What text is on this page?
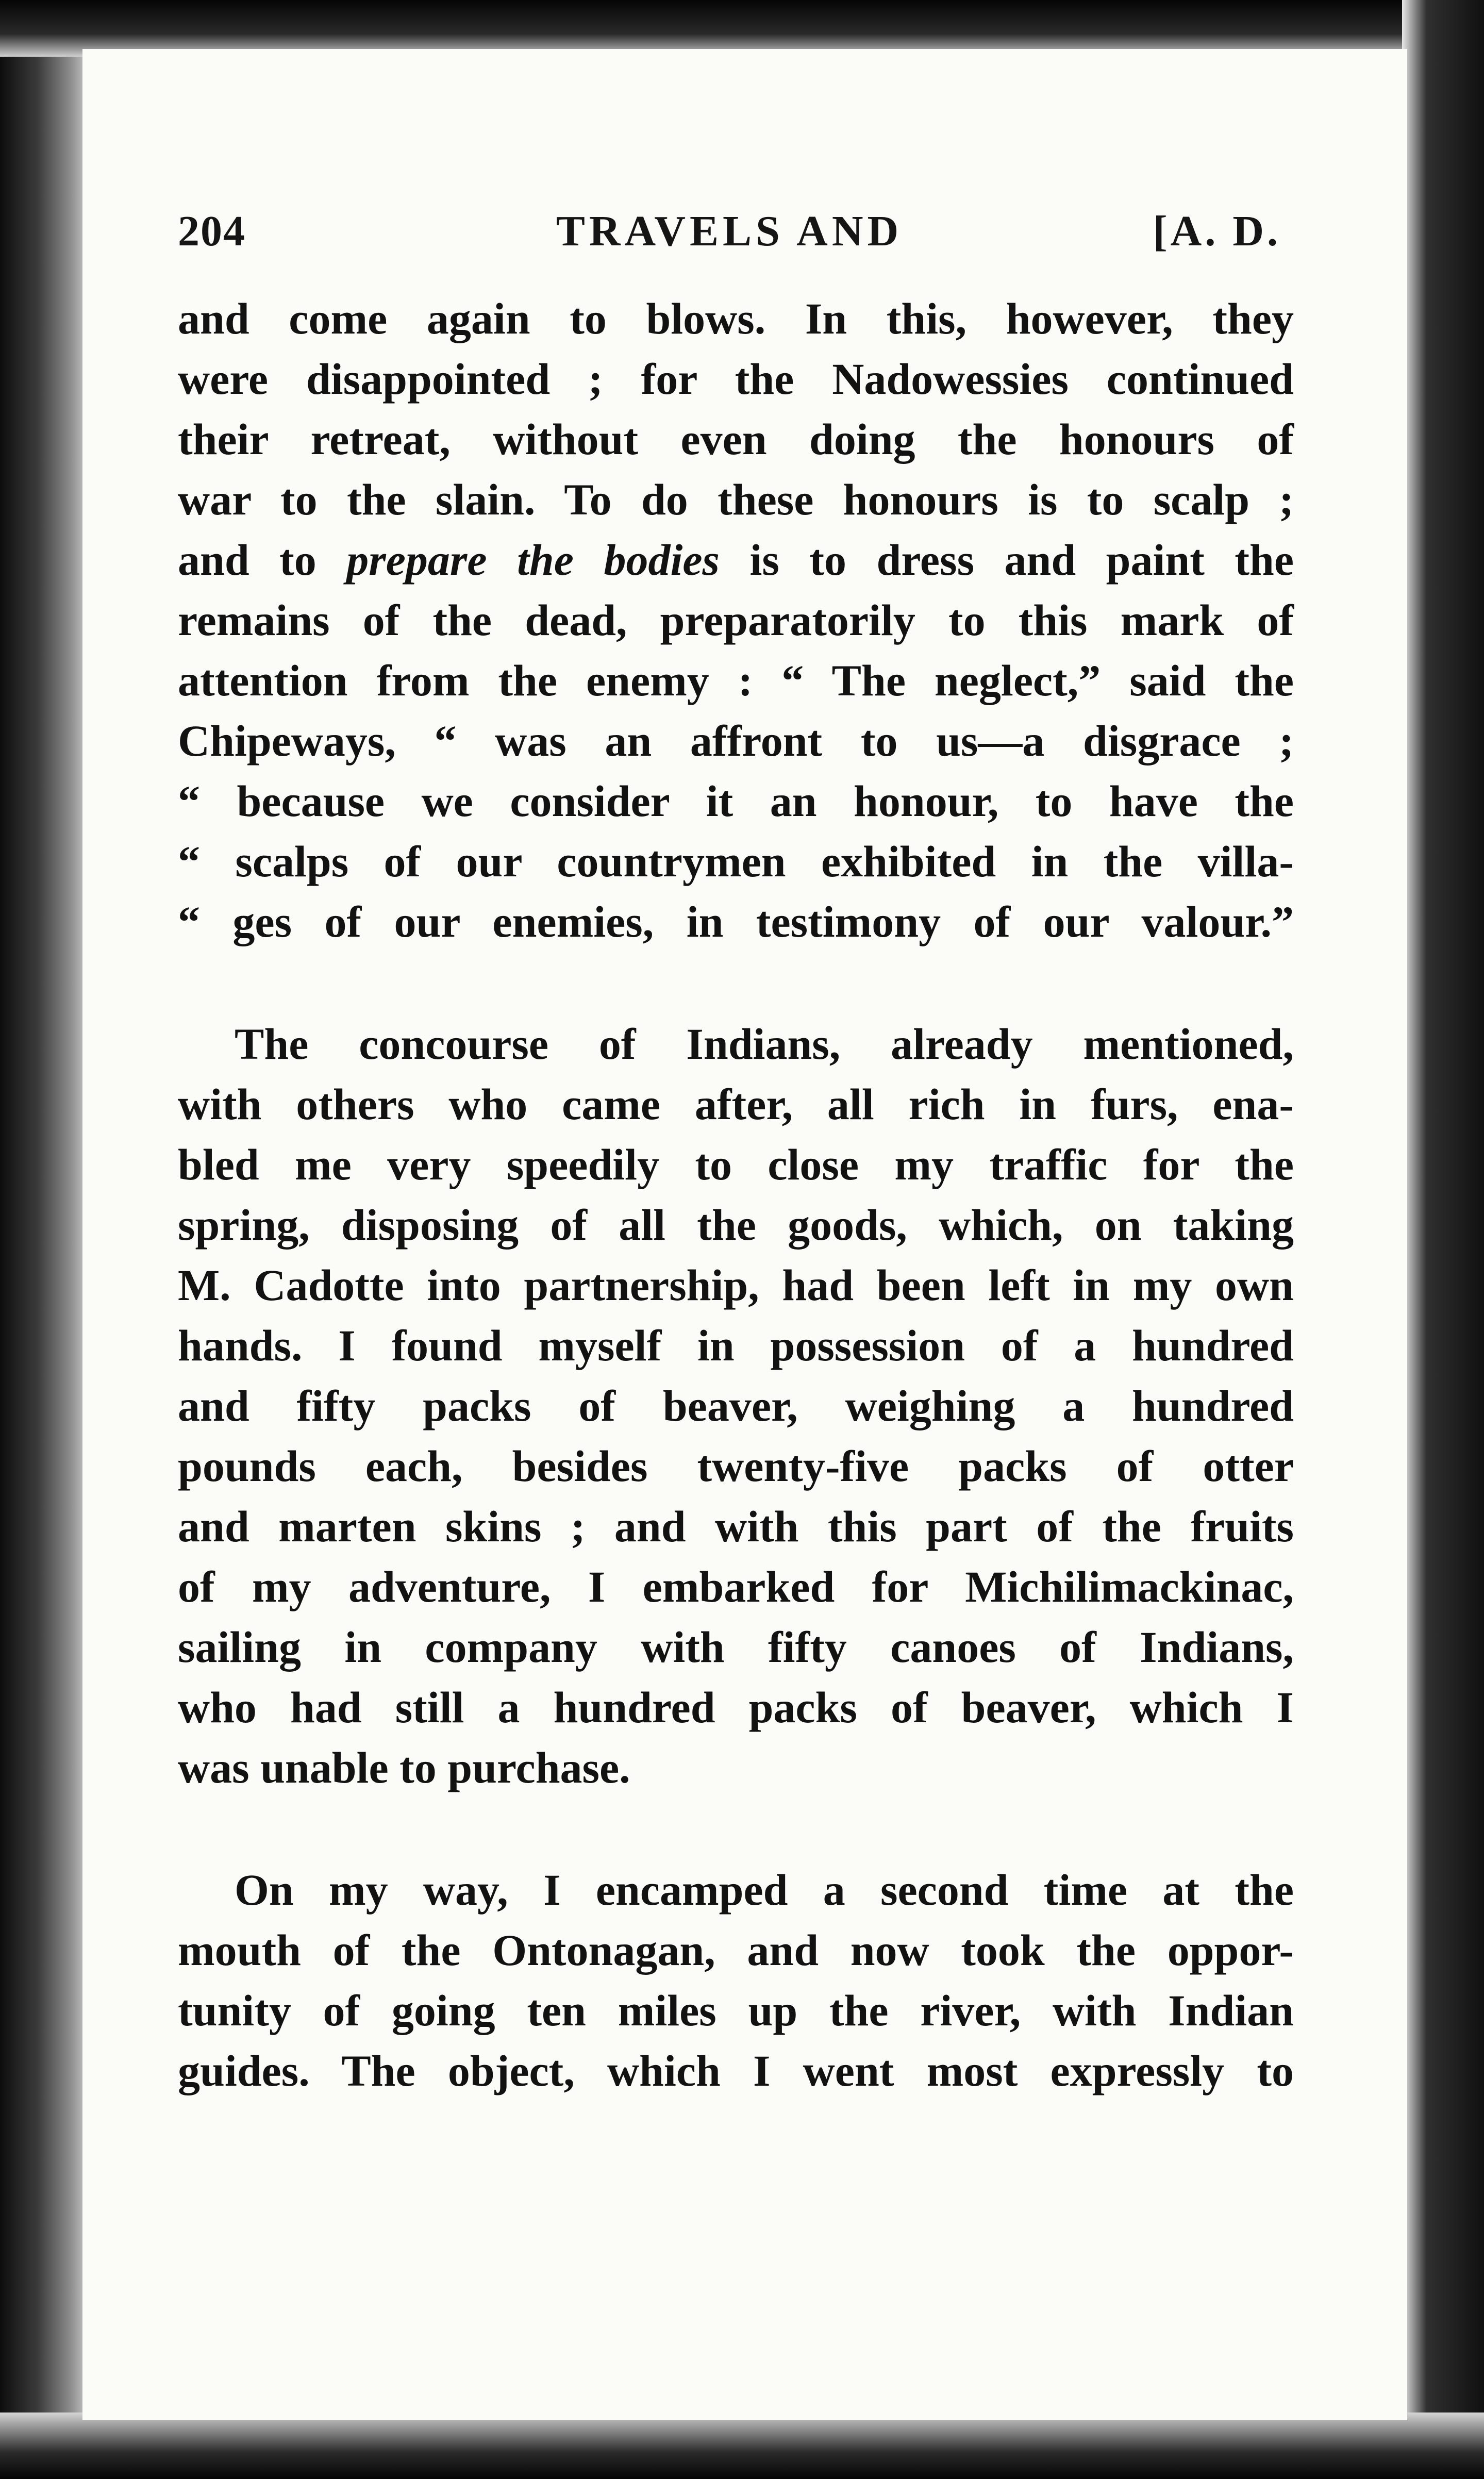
204	TRAVELS AND	[A. D.
and come again to blows. In this, however, they
were disappointed ; for the Nadowessies continued
their retreat, without even doing the honours of
war to the slain. To do these honours is to scalp ;
and to prepare the bodies is to dress and paint the
remains of the dead, preparatorily to this mark of
attention from the enemy : “ The neglect,” said the
Chipeways, “ was an affront to us—a disgrace ;
“ because we consider it an honour, to have the
“ scalps of our countrymen exhibited in the villa-
“ ges of our enemies, in testimony of our valour.”
The concourse of Indians, already mentioned,
with others who came after, all rich in furs, ena-
bled me very speedily to close my traffic for the
spring, disposing of all the goods, which, on taking
M. Cadotte into partnership, had been left in my own
hands. I found myself in possession of a hundred
and fifty packs of beaver, weighing a hundred
pounds each, besides twenty-five packs of otter
and marten skins ; and with this part of the fruits
of my adventure, I embarked for Michilimackinac,
sailing in company with fifty canoes of Indians,
who had still a hundred packs of beaver, which I
was unable to purchase.
On my way, I encamped a second time at the
mouth of the Ontonagan, and now took the oppor-
tunity of going ten miles up the river, with Indian
guides. The object, which I went most expressly to
